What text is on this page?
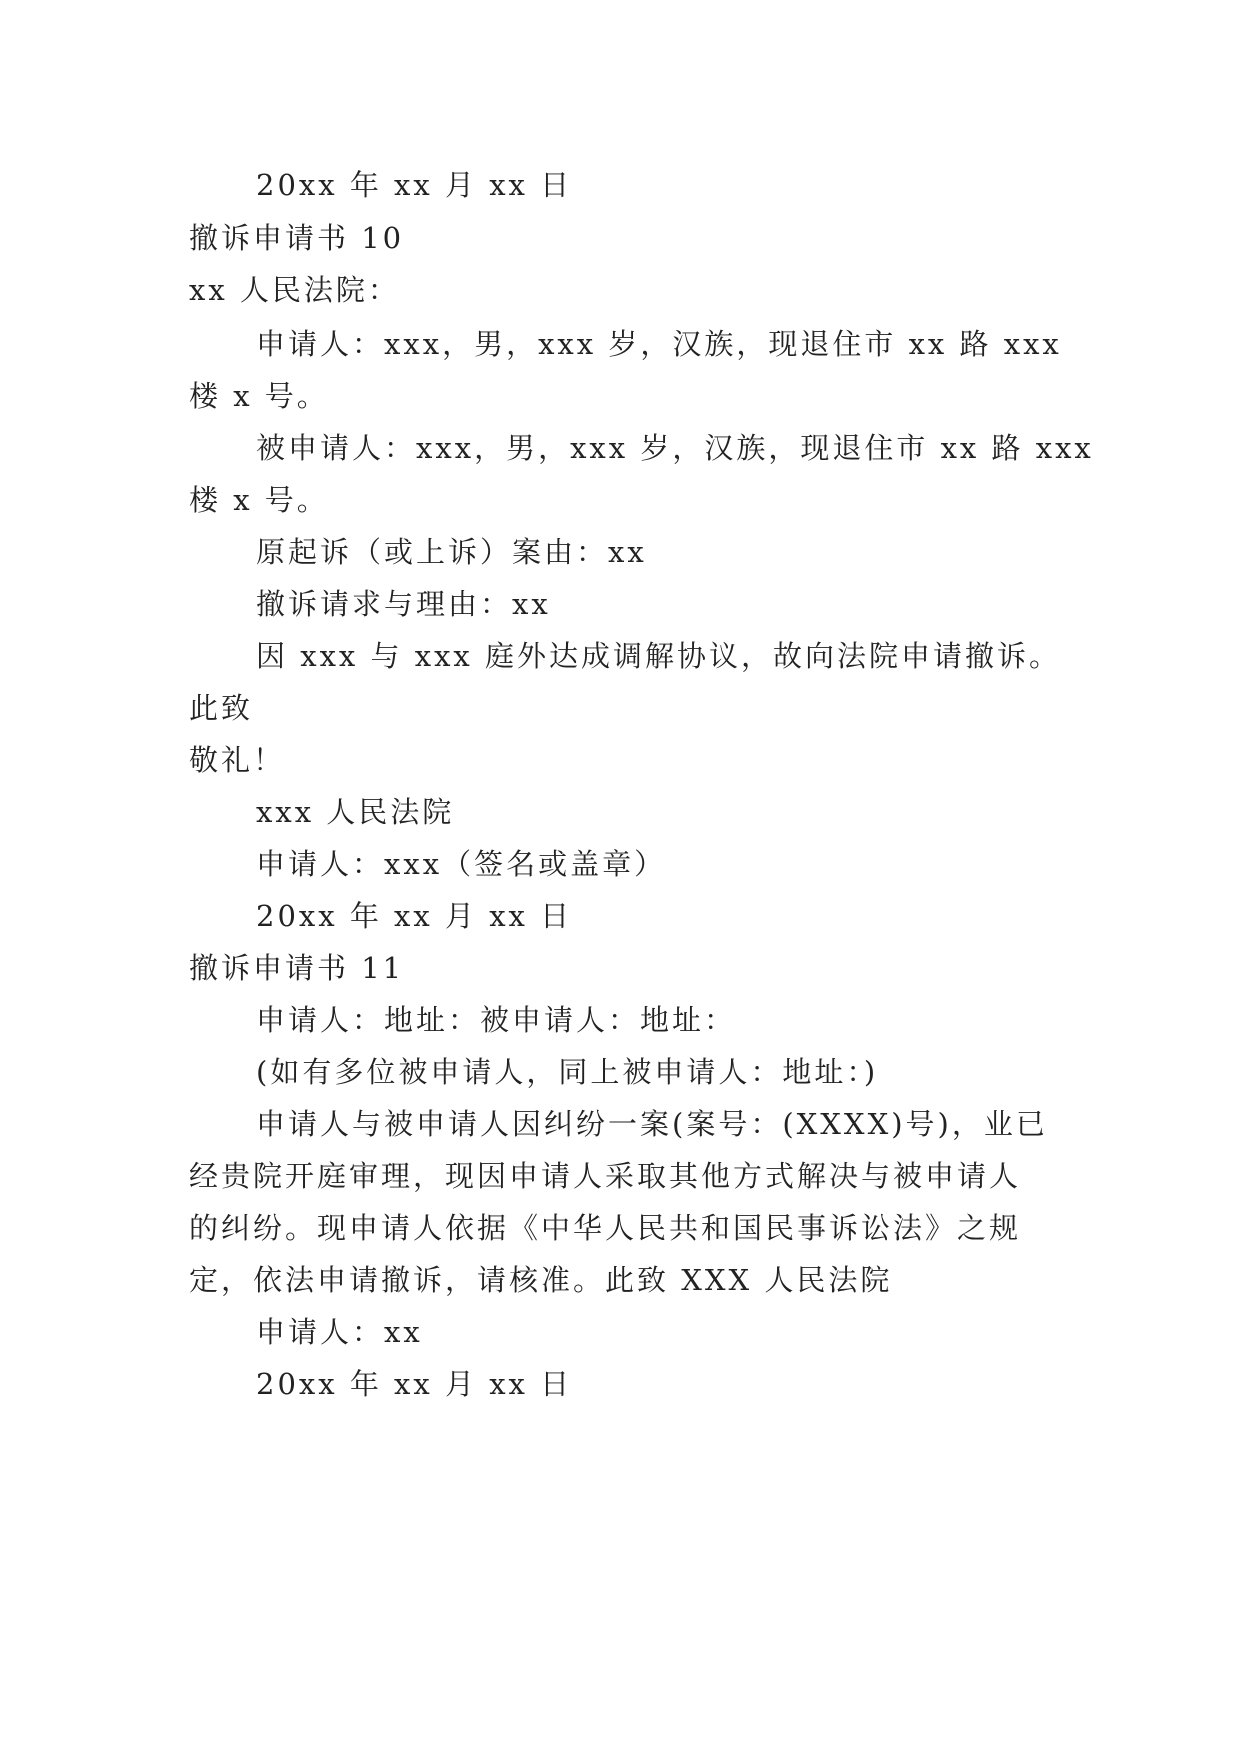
20xx 年 xx 月 xx 日
撤诉申请书 10
xx 人民法院：
申请人：xxx，男，xxx 岁，汉族，现退住市 xx 路 xxx
楼 x 号。
被申请人：xxx，男，xxx 岁，汉族，现退住市 xx 路 xxx
楼 x 号。
原起诉（或上诉）案由：xx
撤诉请求与理由：xx
因 xxx 与 xxx 庭外达成调解协议，故向法院申请撤诉。
此致
敬礼！
xxx 人民法院
申请人：xxx（签名或盖章）
20xx 年 xx 月 xx 日
撤诉申请书 11
申请人：地址：被申请人：地址：
(如有多位被申请人，同上被申请人：地址：)
申请人与被申请人因纠纷一案(案号：(XXXX)号)，业已
经贵院开庭审理，现因申请人采取其他方式解决与被申请人
的纠纷。现申请人依据《中华人民共和国民事诉讼法》之规
定，依法申请撤诉，请核准。此致 XXX 人民法院
申请人：xx
20xx 年 xx 月 xx 日
